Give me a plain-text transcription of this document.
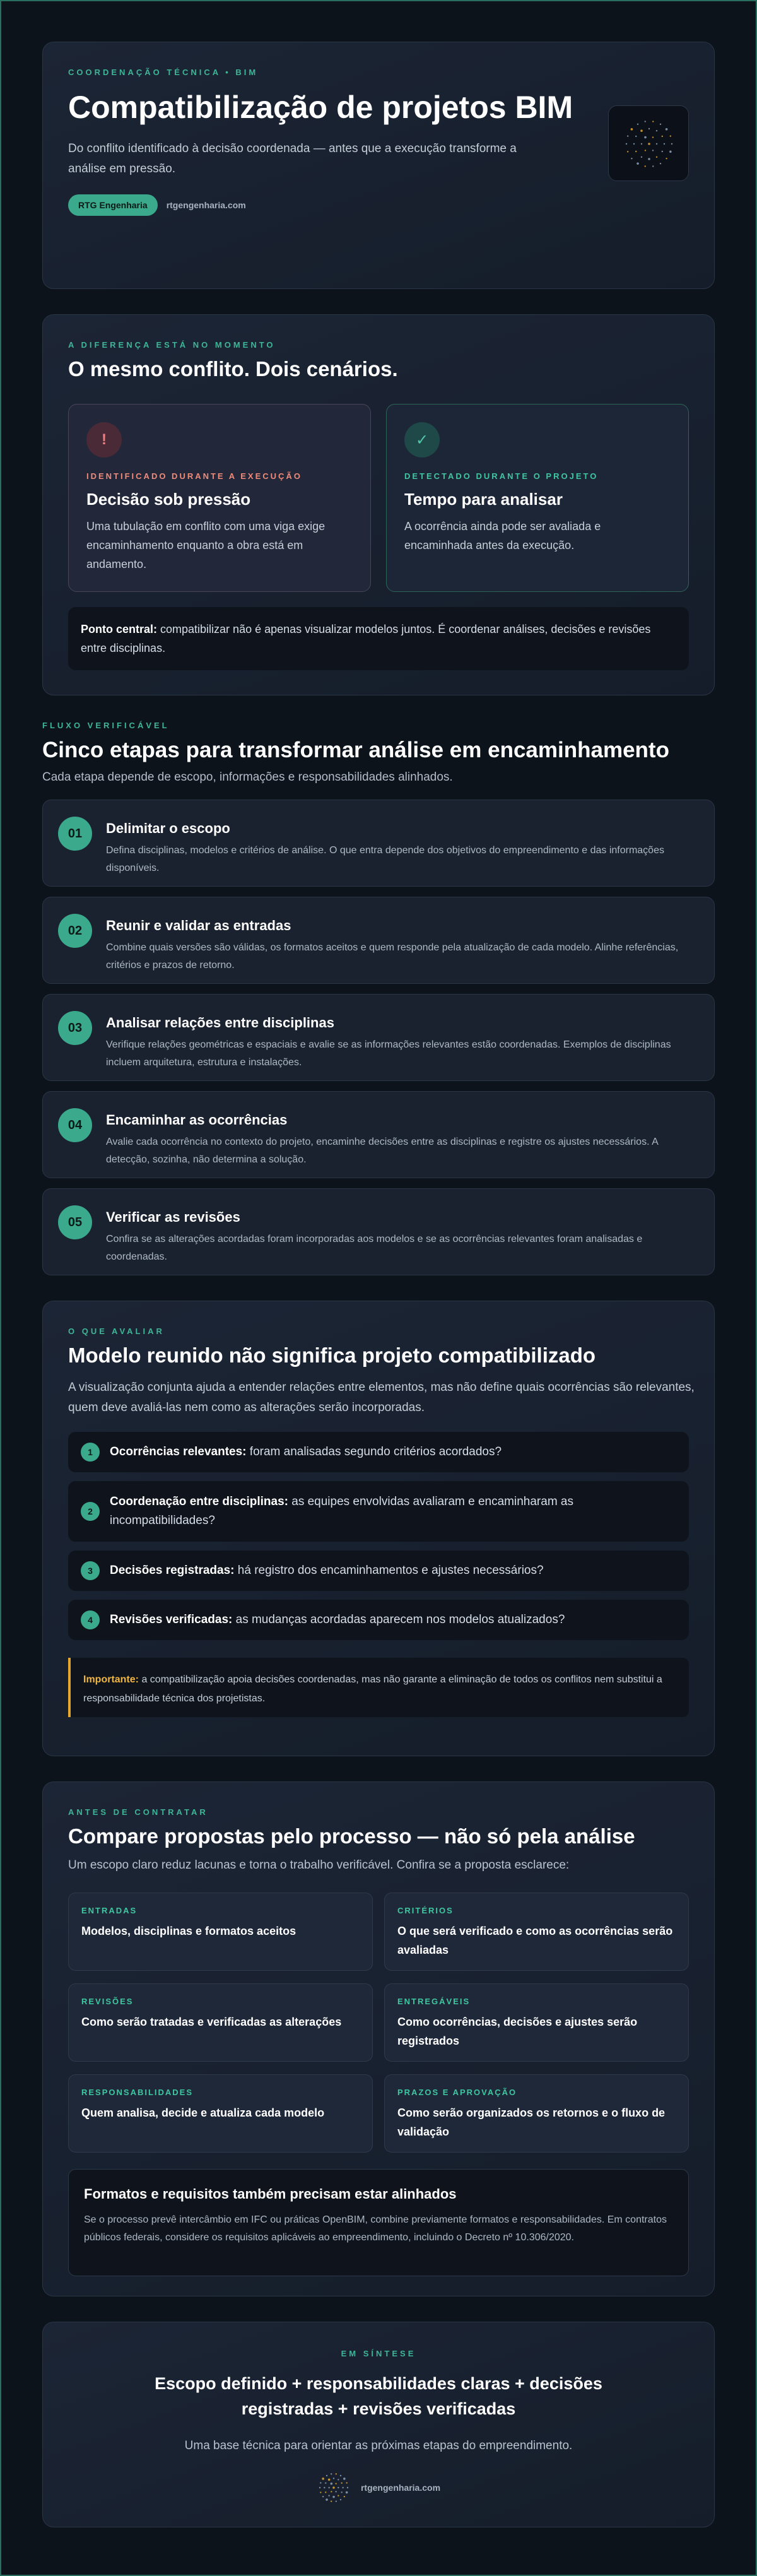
COORDENAÇÃO TÉCNICA • BIM
Compatibilização de projetos BIM

Do conflito identificado à decisão coordenada — antes que a execução transforme a análise em pressão.

RTG Engenharia	rtgengenharia.com
A DIFERENÇA ESTÁ NO MOMENTO
O mesmo conflito. Dois cenários.
!
IDENTIFICADO DURANTE A EXECUÇÃO
Decisão sob pressão

Uma tubulação em conflito com uma viga exige encaminhamento enquanto a obra está em andamento.

✓
DETECTADO DURANTE O PROJETO
Tempo para analisar

A ocorrência ainda pode ser avaliada e encaminhada antes da execução.

Ponto central: compatibilizar não é apenas visualizar modelos juntos. É coordenar análises, decisões e revisões entre disciplinas.
FLUXO VERIFICÁVEL
Cinco etapas para transformar análise em encaminhamento
Cada etapa depende de escopo, informações e responsabilidades alinhados.
01	Delimitar o escopo

Defina disciplinas, modelos e critérios de análise. O que entra depende dos objetivos do empreendimento e das informações disponíveis.

02	Reunir e validar as entradas

Combine quais versões são válidas, os formatos aceitos e quem responde pela atualização de cada modelo. Alinhe referências, critérios e prazos de retorno.

03	Analisar relações entre disciplinas

Verifique relações geométricas e espaciais e avalie se as informações relevantes estão coordenadas. Exemplos de disciplinas incluem arquitetura, estrutura e instalações.

04	Encaminhar as ocorrências

Avalie cada ocorrência no contexto do projeto, encaminhe decisões entre as disciplinas e registre os ajustes necessários. A detecção, sozinha, não determina a solução.

05	Verificar as revisões

Confira se as alterações acordadas foram incorporadas aos modelos e se as ocorrências relevantes foram analisadas e coordenadas.

O QUE AVALIAR
Modelo reunido não significa projeto compatibilizado

A visualização conjunta ajuda a entender relações entre elementos, mas não define quais ocorrências são relevantes, quem deve avaliá-las nem como as alterações serão incorporadas.

1	Ocorrências relevantes: foram analisadas segundo critérios acordados?
2
Coordenação entre disciplinas: as equipes envolvidas avaliaram e encaminharam as incompatibilidades?
3	Decisões registradas: há registro dos encaminhamentos e ajustes necessários?
4	Revisões verificadas: as mudanças acordadas aparecem nos modelos atualizados?
Importante: a compatibilização apoia decisões coordenadas, mas não garante a eliminação de todos os conflitos nem substitui a responsabilidade técnica dos projetistas.
ANTES DE CONTRATAR
Compare propostas pelo processo — não só pela análise

Um escopo claro reduz lacunas e torna o trabalho verificável. Confira se a proposta esclarece:

ENTRADAS
Modelos, disciplinas e formatos aceitos
CRITÉRIOS
O que será verificado e como as ocorrências serão avaliadas
REVISÕES
Como serão tratadas e verificadas as alterações
ENTREGÁVEIS
Como ocorrências, decisões e ajustes serão registrados
RESPONSABILIDADES
Quem analisa, decide e atualiza cada modelo
PRAZOS E APROVAÇÃO
Como serão organizados os retornos e o fluxo de validação
Formatos e requisitos também precisam estar alinhados

Se o processo prevê intercâmbio em IFC ou práticas OpenBIM, combine previamente formatos e responsabilidades. Em contratos públicos federais, considere os requisitos aplicáveis ao empreendimento, incluindo o Decreto nº 10.306/2020.

EM SÍNTESE
Escopo definido + responsabilidades claras + decisões
registradas + revisões verificadas

Uma base técnica para orientar as próximas etapas do empreendimento.

rtgengenharia.com
